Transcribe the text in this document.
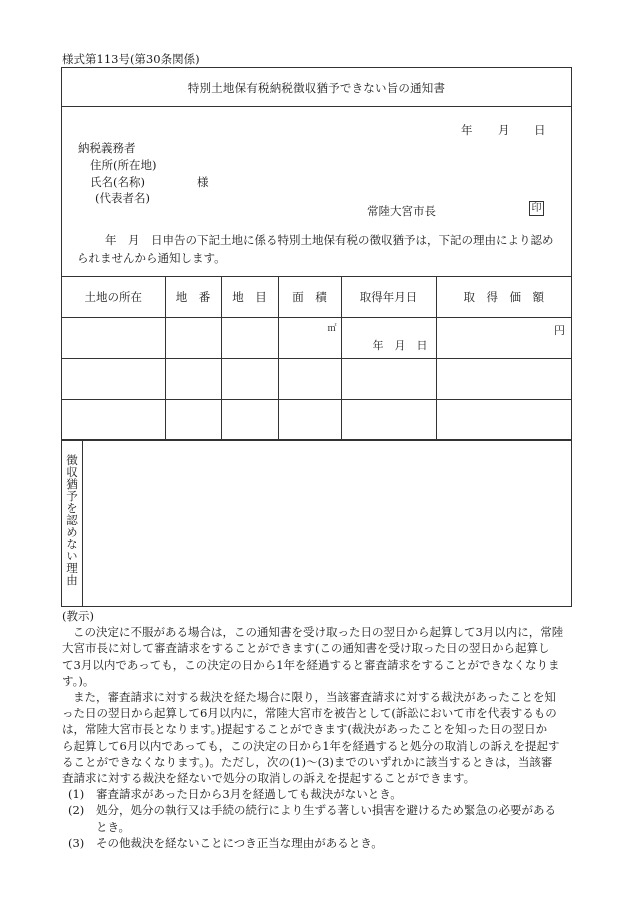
様式第113号(第30条関係)
特別土地保有税納税徴収猶予できない旨の通知書
年 月 日
納税義務者
住所(所在地)
氏名(名称)	様
(代表者名)
常陸大宮市長	印
年　月　日申告の下記土地に係る特別土地保有税の徴収猶予は，下記の理由により認め
られませんから通知します。
土地の所在	地　番	地　目	面　積	取得年月日	取　得　価　額

			㎡	年　月　日	円

徴収猶予を認めない理由
(教示)
この決定に不服がある場合は，この通知書を受け取った日の翌日から起算して3月以内に，常陸
大宮市長に対して審査請求をすることができます(この通知書を受け取った日の翌日から起算し
て3月以内であっても，この決定の日から1年を経過すると審査請求をすることができなくなりま
す。)。
また，審査請求に対する裁決を経た場合に限り，当該審査請求に対する裁決があったことを知
った日の翌日から起算して6月以内に，常陸大宮市を被告として(訴訟において市を代表するもの
は，常陸大宮市長となります。)提起することができます(裁決があったことを知った日の翌日か
ら起算して6月以内であっても，この決定の日から1年を経過すると処分の取消しの訴えを提起す
ることができなくなります。)。ただし，次の(1)～(3)までのいずれかに該当するときは，当該審
査請求に対する裁決を経ないで処分の取消しの訴えを提起することができます。
(1) 審査請求があった日から3月を経過しても裁決がないとき。
(2) 処分，処分の執行又は手続の続行により生ずる著しい損害を避けるため緊急の必要がある
とき。
(3) その他裁決を経ないことにつき正当な理由があるとき。
